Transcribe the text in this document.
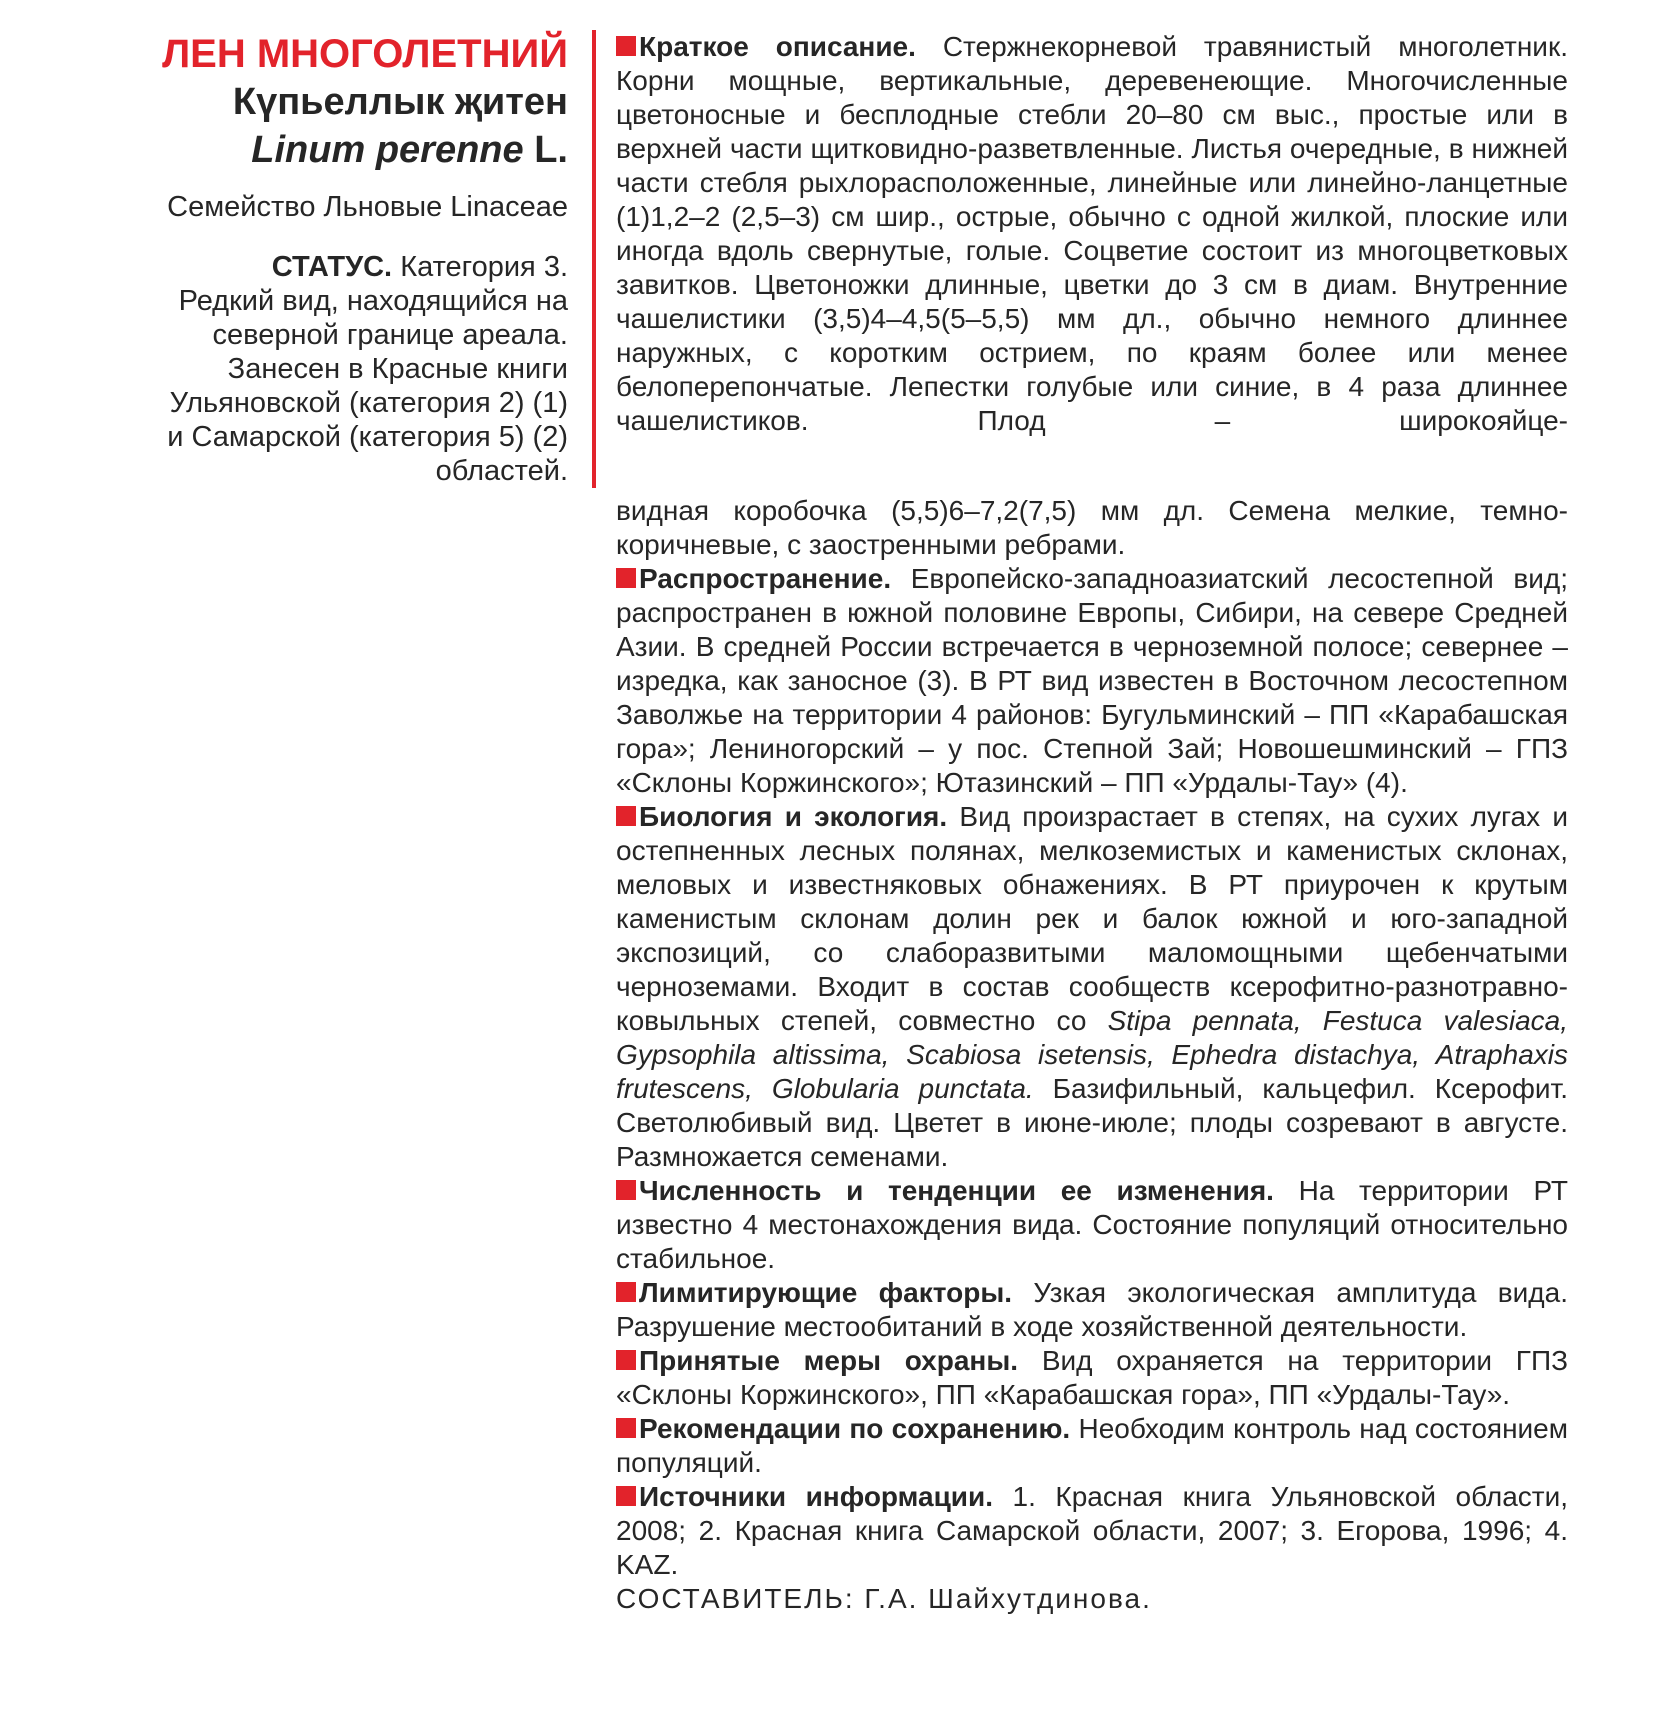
ЛЕН МНОГОЛЕТНИЙ
Күпьеллык җитен
Linum perenne L.

Семейство Льновые Linaceae

СТАТУС. Категория 3.
Редкий вид, находящийся на
северной границе ареала.
Занесен в Красные книги
Ульяновской (категория 2) (1)
и Самарской (категория 5) (2)
областей.

Краткое описание. Стержнекорневой травянистый многолетник. Корни мощные, вертикальные, деревенеющие. Многочисленные цветоносные и бесплодные стебли 20–80 см выс., простые или в верхней части щитковидно-разветвленные. Листья очередные, в нижней части стебля рыхлорасположенные, линейные или линейно-ланцетные (1)1,2–2 (2,5–3) см шир., острые, обычно с одной жилкой, плоские или иногда вдоль свернутые, голые. Соцветие состоит из многоцветковых завитков. Цветоножки длинные, цветки до 3 см в диам. Внутренние чашелистики (3,5)4–4,5(5–5,5) мм дл., обычно немного длиннее наружных, с коротким острием, по краям более или менее белоперепончатые. Лепестки голубые или синие, в 4 раза длиннее чашелистиков. Плод – широкояйце-

видная коробочка (5,5)6–7,2(7,5) мм дл. Семена мелкие, темно-коричневые, с заостренными ребрами.

Распространение. Европейско-западноазиатский лесостепной вид; распространен в южной половине Европы, Сибири, на севере Средней Азии. В средней России встречается в черноземной полосе; севернее – изредка, как заносное (3). В РТ вид известен в Восточном лесостепном Заволжье на территории 4 районов: Бугульминский – ПП «Карабашская гора»; Лениногорский – у пос. Степной Зай; Новошешминский – ГПЗ «Склоны Коржинского»; Ютазинский – ПП «Урдалы-Тау» (4).

Биология и экология. Вид произрастает в степях, на сухих лугах и остепненных лесных полянах, мелкоземистых и каменистых склонах, меловых и известняковых обнажениях. В РТ приурочен к крутым каменистым склонам долин рек и балок южной и юго-западной экспозиций, со слаборазвитыми маломощными щебенчатыми черноземами. Входит в состав сообществ ксерофитно-разнотравно-ковыльных степей, совместно со Stipa pennata, Festuca valesiaca, Gypsophila altissima, Scabiosa isetensis, Ephedra distachya, Atraphaxis frutescens, Globularia punctata. Базифильный, кальцефил. Ксерофит. Светолюбивый вид. Цветет в июне-июле; плоды созревают в августе. Размножается семенами.

Численность и тенденции ее изменения. На территории РТ известно 4 местонахождения вида. Состояние популяций относительно стабильное.

Лимитирующие факторы. Узкая экологическая амплитуда вида. Разрушение местообитаний в ходе хозяйственной деятельности.

Принятые меры охраны. Вид охраняется на территории ГПЗ «Склоны Коржинского», ПП «Карабашская гора», ПП «Урдалы-Тау».

Рекомендации по сохранению. Необходим контроль над состоянием популяций.

Источники информации. 1. Красная книга Ульяновской области, 2008; 2. Красная книга Самарской области, 2007; 3. Егорова, 1996; 4. KAZ.

СОСТАВИТЕЛЬ: Г.А. Шайхутдинова.
